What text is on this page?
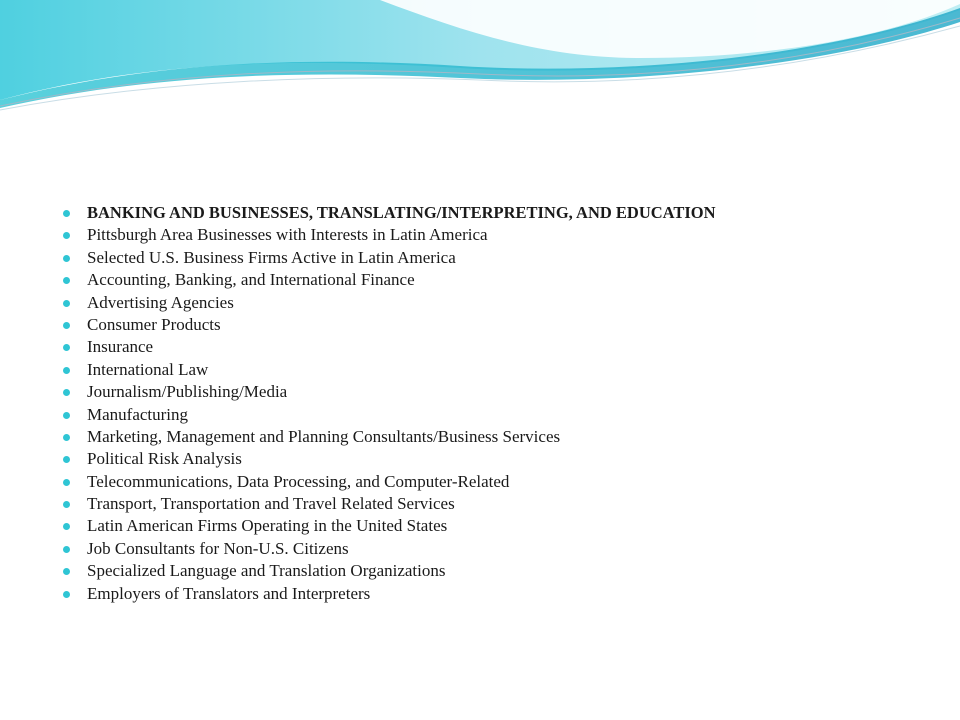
BANKING AND BUSINESSES, TRANSLATING/INTERPRETING, AND EDUCATION
Pittsburgh Area Businesses with Interests in Latin America
Selected U.S. Business Firms Active in Latin America
Accounting, Banking, and International Finance
Advertising Agencies
Consumer Products
Insurance
International Law
Journalism/Publishing/Media
Manufacturing
Marketing, Management and Planning Consultants/Business Services
Political Risk Analysis
Telecommunications, Data Processing, and Computer-Related
Transport, Transportation and Travel Related Services
Latin American Firms Operating in the United States
Job Consultants for Non-U.S. Citizens
Specialized Language and Translation Organizations
Employers of Translators and Interpreters
